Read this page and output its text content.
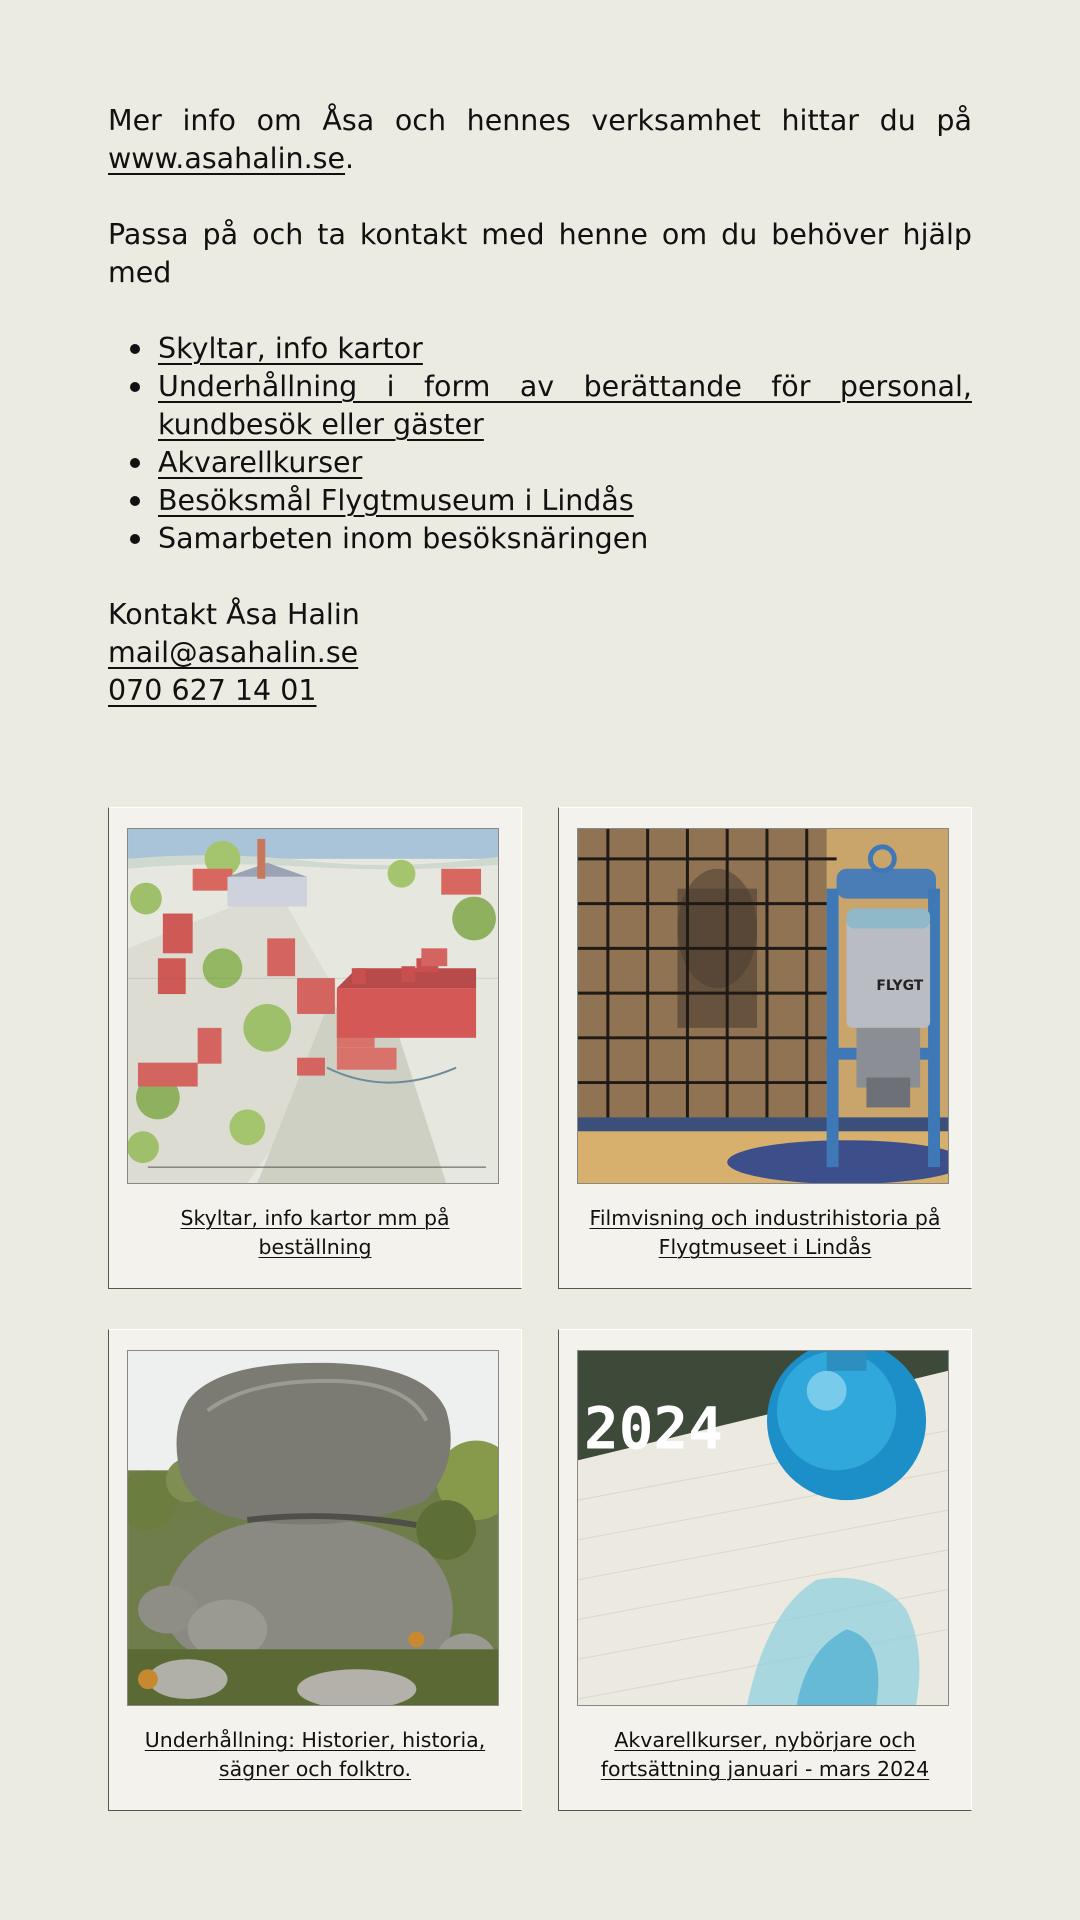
Mer info om Åsa och hennes verksamhet hittar du på www.asahalin.se.

Passa på och ta kontakt med henne om du behöver hjälp med

Skyltar, info kartor
Underhållning i form av berättande för personal, kundbesök eller gäster
Akvarellkurser
Besöksmål Flygtmuseum i Lindås
Samarbeten inom besöksnäringen

Kontakt Åsa Halin

mail@asahalin.se

070 627 14 01

Skyltar, info kartor mm på beställning
FLYGT
Filmvisning och industrihistoria på Flygtmuseet i Lindås
Underhållning: Historier, historia, sägner och folktro.
2024
Akvarellkurser, nybörjare och fortsättning januari - mars 2024
